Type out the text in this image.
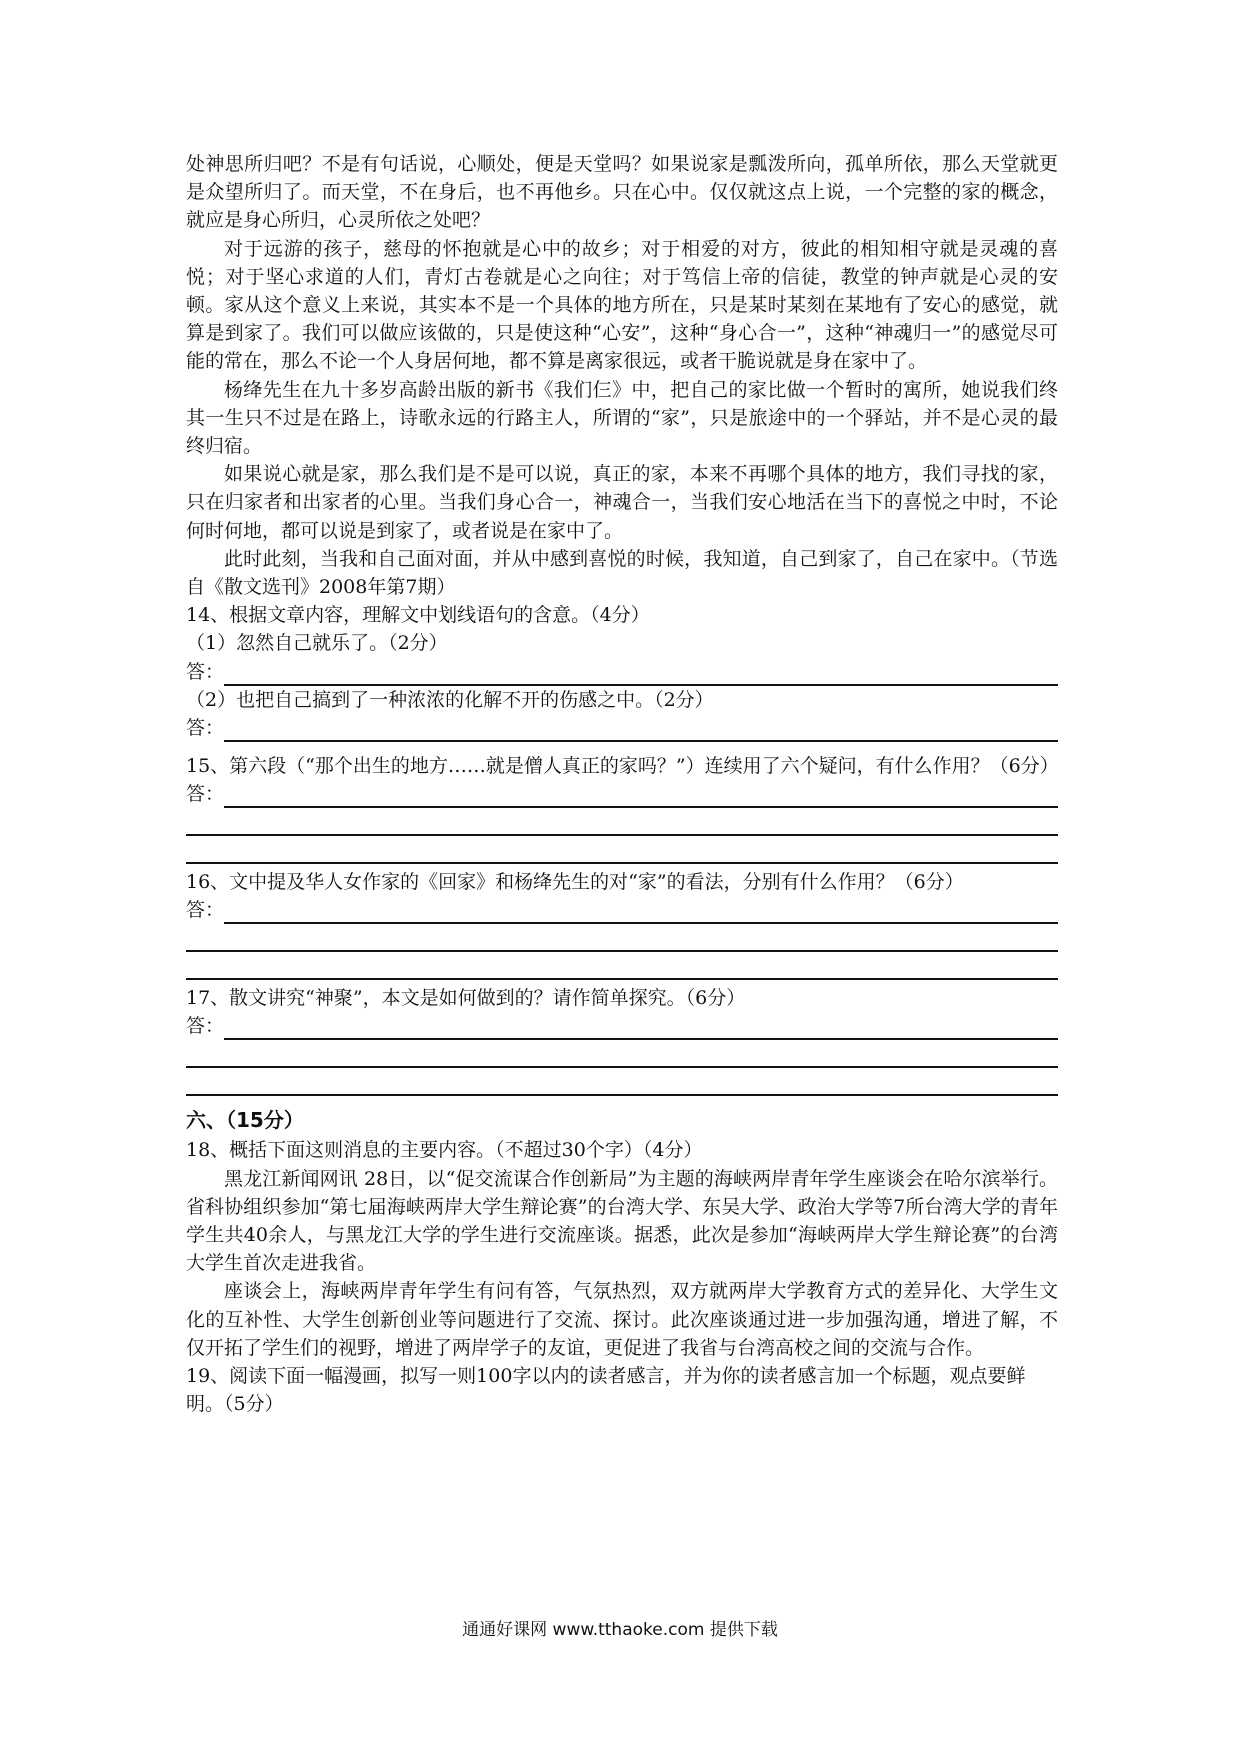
处神思所归吧？不是有句话说，心顺处，便是天堂吗？如果说家是瓢泼所向，孤单所依，那么天堂就更是众望所归了。而天堂，不在身后，也不再他乡。只在心中。仅仅就这点上说，一个完整的家的概念，就应是身心所归，心灵所依之处吧？

对于远游的孩子，慈母的怀抱就是心中的故乡；对于相爱的对方，彼此的相知相守就是灵魂的喜悦；对于坚心求道的人们，青灯古卷就是心之向往；对于笃信上帝的信徒，教堂的钟声就是心灵的安顿。家从这个意义上来说，其实本不是一个具体的地方所在，只是某时某刻在某地有了安心的感觉，就算是到家了。我们可以做应该做的，只是使这种“心安”，这种“身心合一”，这种“神魂归一”的感觉尽可能的常在，那么不论一个人身居何地，都不算是离家很远，或者干脆说就是身在家中了。

杨绛先生在九十多岁高龄出版的新书《我们仨》中，把自己的家比做一个暂时的寓所，她说我们终其一生只不过是在路上，诗歌永远的行路主人，所谓的“家”，只是旅途中的一个驿站，并不是心灵的最终归宿。

如果说心就是家，那么我们是不是可以说，真正的家，本来不再哪个具体的地方，我们寻找的家，只在归家者和出家者的心里。当我们身心合一，神魂合一，当我们安心地活在当下的喜悦之中时，不论何时何地，都可以说是到家了，或者说是在家中了。

此时此刻，当我和自己面对面，并从中感到喜悦的时候，我知道，自己到家了，自己在家中。（节选自《散文选刊》2008年第7期）

14、根据文章内容，理解文中划线语句的含意。（4分）

（1）忽然自己就乐了。（2分）

答：

（2）也把自己搞到了一种浓浓的化解不开的伤感之中。（2分）

答：

15、第六段（“那个出生的地方……就是僧人真正的家吗？”）连续用了六个疑问，有什么作用？（6分）

答：

16、文中提及华人女作家的《回家》和杨绛先生的对“家”的看法，分别有什么作用？（6分）

答：

17、散文讲究“神聚”，本文是如何做到的？请作简单探究。（6分）

答：

六、（15分）

18、概括下面这则消息的主要内容。（不超过30个字）（4分）

黑龙江新闻网讯 28日，以“促交流谋合作创新局”为主题的海峡两岸青年学生座谈会在哈尔滨举行。省科协组织参加“第七届海峡两岸大学生辩论赛”的台湾大学、东吴大学、政治大学等7所台湾大学的青年学生共40余人，与黑龙江大学的学生进行交流座谈。据悉，此次是参加“海峡两岸大学生辩论赛”的台湾大学生首次走进我省。

座谈会上，海峡两岸青年学生有问有答，气氛热烈，双方就两岸大学教育方式的差异化、大学生文化的互补性、大学生创新创业等问题进行了交流、探讨。此次座谈通过进一步加强沟通，增进了解，不仅开拓了学生们的视野，增进了两岸学子的友谊，更促进了我省与台湾高校之间的交流与合作。

19、阅读下面一幅漫画，拟写一则100字以内的读者感言，并为你的读者感言加一个标题，观点要鲜明。（5分）

通通好课网 www.tthaoke.com 提供下载
